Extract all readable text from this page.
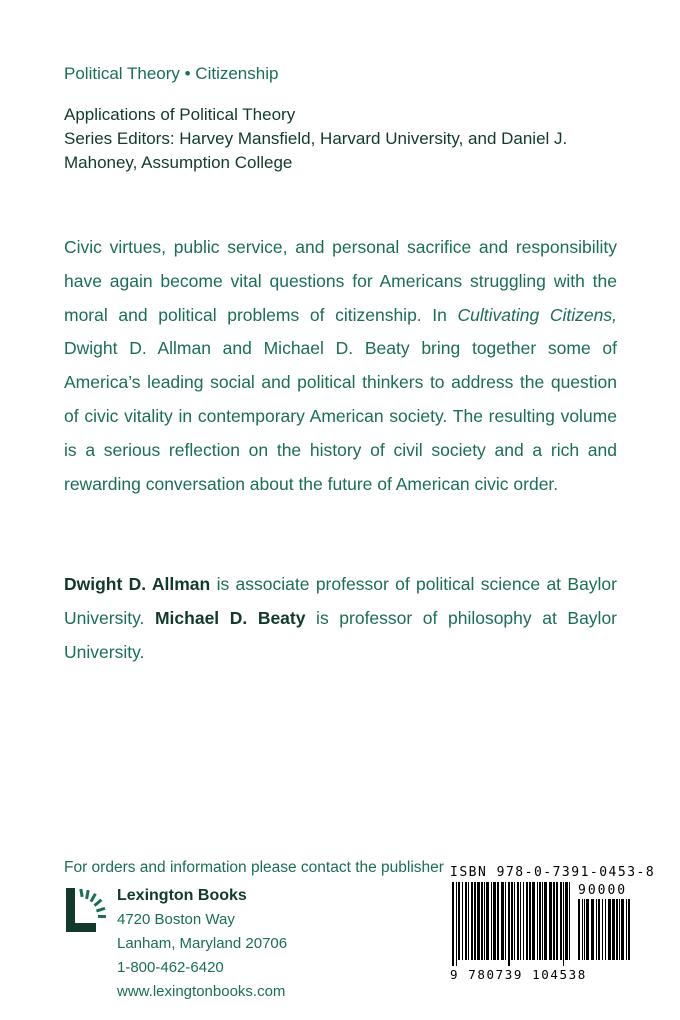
Political Theory • Citizenship
Applications of Political Theory
Series Editors: Harvey Mansfield, Harvard University, and Daniel J. Mahoney, Assumption College

Civic virtues, public service, and personal sacrifice and responsibility have again become vital questions for Americans struggling with the moral and political problems of citizenship. In Cultivating Citizens, Dwight D. Allman and Michael D. Beaty bring together some of America’s leading social and political thinkers to address the question of civic vitality in contemporary American society. The resulting volume is a serious reflection on the history of civil society and a rich and rewarding conversation about the future of American civic order.

Dwight D. Allman is associate professor of political science at Baylor University. Michael D. Beaty is professor of philosophy at Baylor University.
For orders and information please contact the publisher
Lexington Books
4720 Boston Way
Lanham, Maryland 20706
1-800-462-6420
www.lexingtonbooks.com
ISBN 978-0-7391-0453-8
90000
9 780739 104538
